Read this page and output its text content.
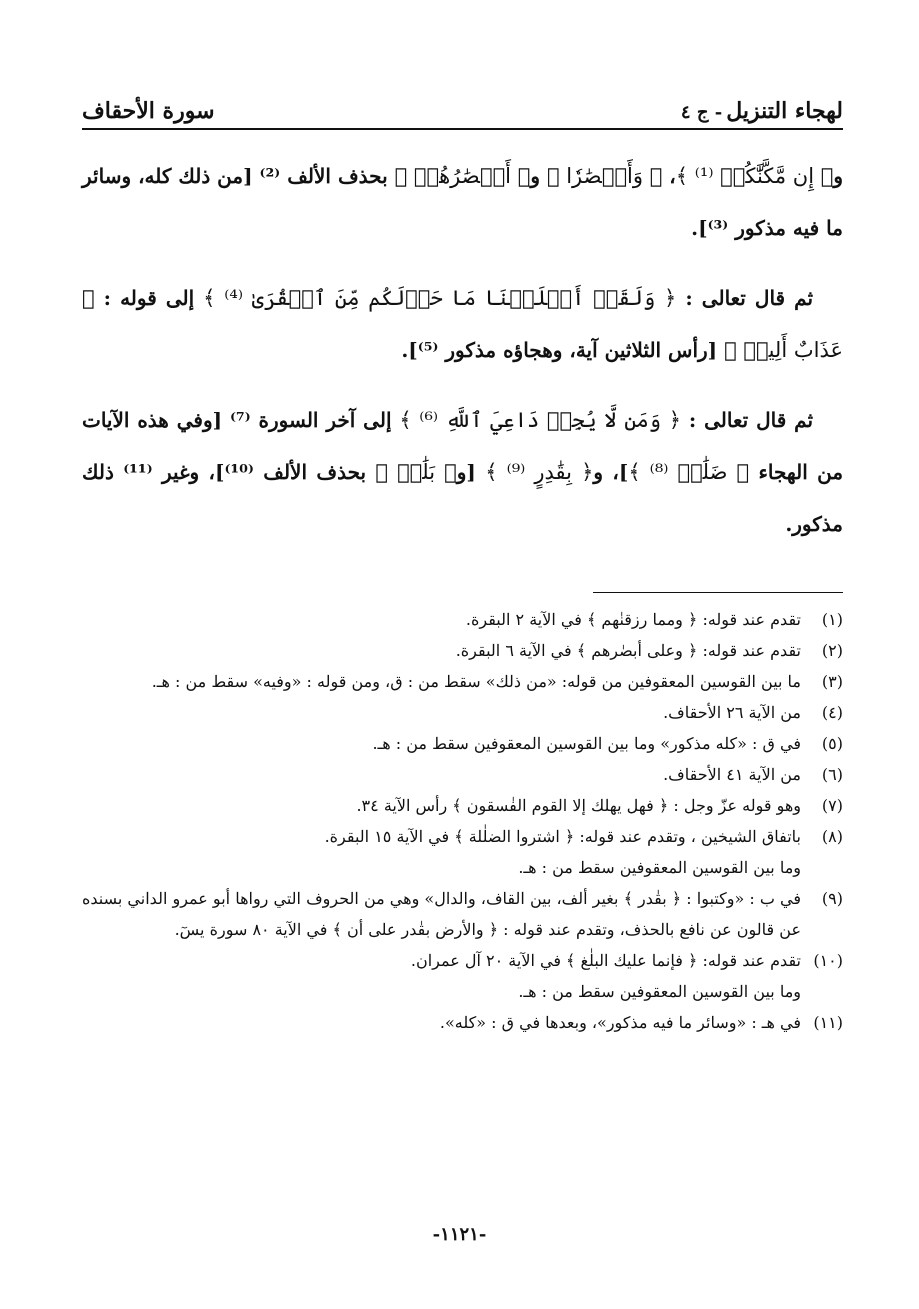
لهجاء التنزيل- ج ٤
سورة الأحقاف

و﴿ إِن مَّكَّنَّٰكُمۡ ⁽¹⁾ ﴾، ﴿ وَأَبۡصَٰرٗا ﴾ و﴿ أَبۡصَٰرُهُمۡ ﴾ بحذف الألف ⁽²⁾ [من ذلك كله، وسائر ما فيه مذكور ⁽³⁾].

ثم قال تعالى : ﴿ وَلَقَدۡ أَهۡلَكۡنَا مَا حَوۡلَكُم مِّنَ ٱلۡقُرَىٰ ⁽⁴⁾ ﴾ إلى قوله : ﴿ عَذَابٌ أَلِيمٞ ﴾ [رأس الثلاثين آية، وهجاؤه مذكور ⁽⁵⁾].

ثم قال تعالى : ﴿ وَمَن لَّا يُجِبۡ دَاعِيَ ٱللَّهِ ⁽⁶⁾ ﴾ إلى آخر السورة ⁽⁷⁾ [وفي هذه الآيات من الهجاء ﴿ ضَلَٰلٖ ⁽⁸⁾ ﴾]، و﴿ بِقَٰدِرٍ ⁽⁹⁾ ﴾ [و﴿ بَلَٰغٞ ﴾ بحذف الألف ⁽¹⁰⁾]، وغير ⁽¹¹⁾ ذلك مذكور.

(١)
تقدم عند قوله: ﴿ ومما رزقنٰهم ﴾ في الآية ٢ البقرة.
(٢)
تقدم عند قوله: ﴿ وعلى أبصٰرهم ﴾ في الآية ٦ البقرة.
(٣)
ما بين القوسين المعقوفين من قوله: «من ذلك» سقط من : ق، ومن قوله : «وفيه» سقط من : هـ.
(٤)
من الآية ٢٦ الأحقاف.
(٥)
في ق : «كله مذكور» وما بين القوسين المعقوفين سقط من : هـ.
(٦)
من الآية ٤١ الأحقاف.
(٧)
وهو قوله عزّ وجل : ﴿ فهل يهلك إلا القوم الفٰسقون ﴾ رأس الآية ٣٤.
(٨)
باتفاق الشيخين ، وتقدم عند قوله: ﴿ اشتروا الضلٰلة ﴾ في الآية ١٥ البقرة.
وما بين القوسين المعقوفين سقط من : هـ.
(٩)
في ب : «وكتبوا : ﴿ بقٰدر ﴾ بغير ألف، بين القاف، والدال» وهي من الحروف التي رواها أبو عمرو الداني بسنده عن قالون عن نافع بالحذف، وتقدم عند قوله : ﴿ والأرض بقٰدر على أن ﴾ في الآية ٨٠ سورة يسٓ.
(١٠)
تقدم عند قوله: ﴿ فإنما عليك البلٰغ ﴾ في الآية ٢٠ آل عمران.
وما بين القوسين المعقوفين سقط من : هـ.
(١١)
في هـ : «وسائر ما فيه مذكور»، وبعدها في ق : «كله».
-١١٢١-
